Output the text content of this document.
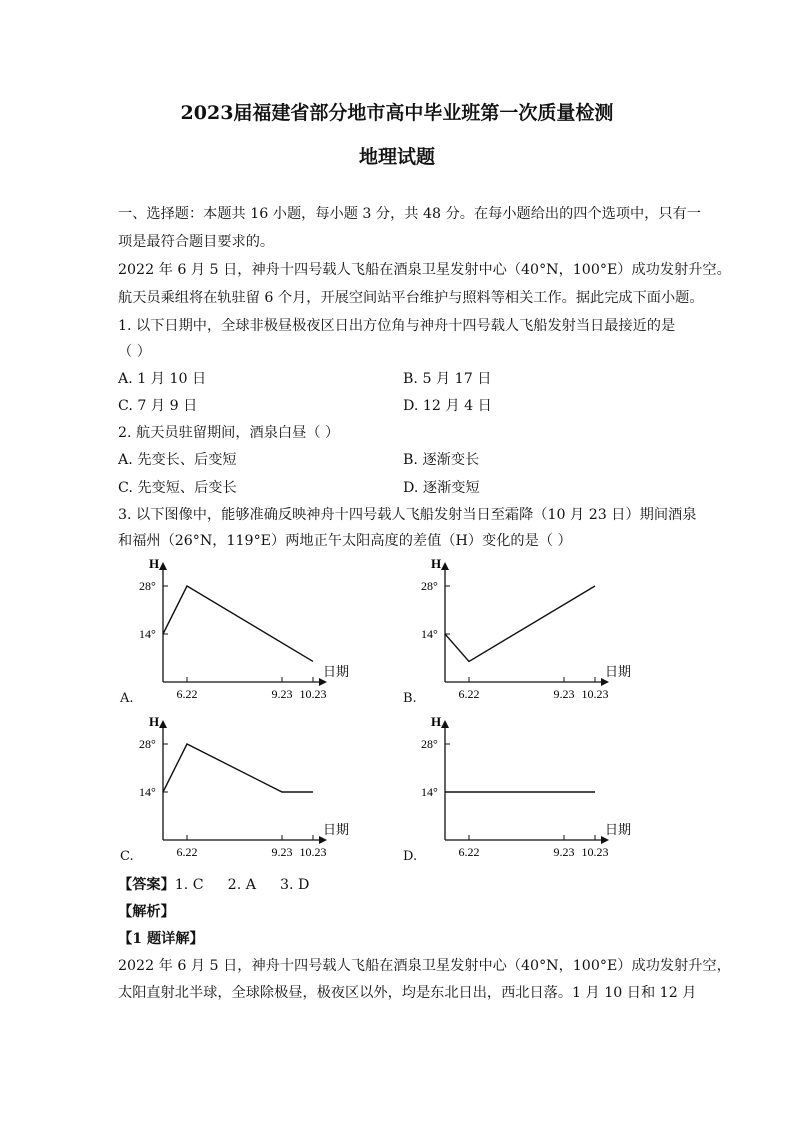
2023届福建省部分地市高中毕业班第一次质量检测
地理试题
一、选择题：本题共 16 小题，每小题 3 分，共 48 分。在每小题给出的四个选项中，只有一
项是最符合题目要求的。
2022 年 6 月 5 日，神舟十四号载人飞船在酒泉卫星发射中心（40°N，100°E）成功发射升空。
航天员乘组将在轨驻留 6 个月，开展空间站平台维护与照料等相关工作。据此完成下面小题。
1. 以下日期中，全球非极昼极夜区日出方位角与神舟十四号载人飞船发射当日最接近的是
（ ）
A. 1 月 10 日	B. 5 月 17 日
C. 7 月 9 日	D. 12 月 4 日
2. 航天员驻留期间，酒泉白昼（ ）
A. 先变长、后变短	B. 逐渐变长
C. 先变短、后变长	D. 逐渐变短
3. 以下图像中，能够准确反映神舟十四号载人飞船发射当日至霜降（10 月 23 日）期间酒泉
和福州（26°N，119°E）两地正午太阳高度的差值（H）变化的是（ ）
H
日期
28°
14°
6.22	9.23 10.23
H
日期
28°
14°
6.22	9.23 10.23
H
日期
28°
14°
6.22	9.23 10.23
H
日期
28°
14°
6.22	9.23 10.23
A.	B.
C.	D.
【答案】1. C 2. A 3. D
【解析】
【1 题详解】
2022 年 6 月 5 日，神舟十四号载人飞船在酒泉卫星发射中心（40°N，100°E）成功发射升空，
太阳直射北半球，全球除极昼，极夜区以外，均是东北日出，西北日落。1 月 10 日和 12 月
